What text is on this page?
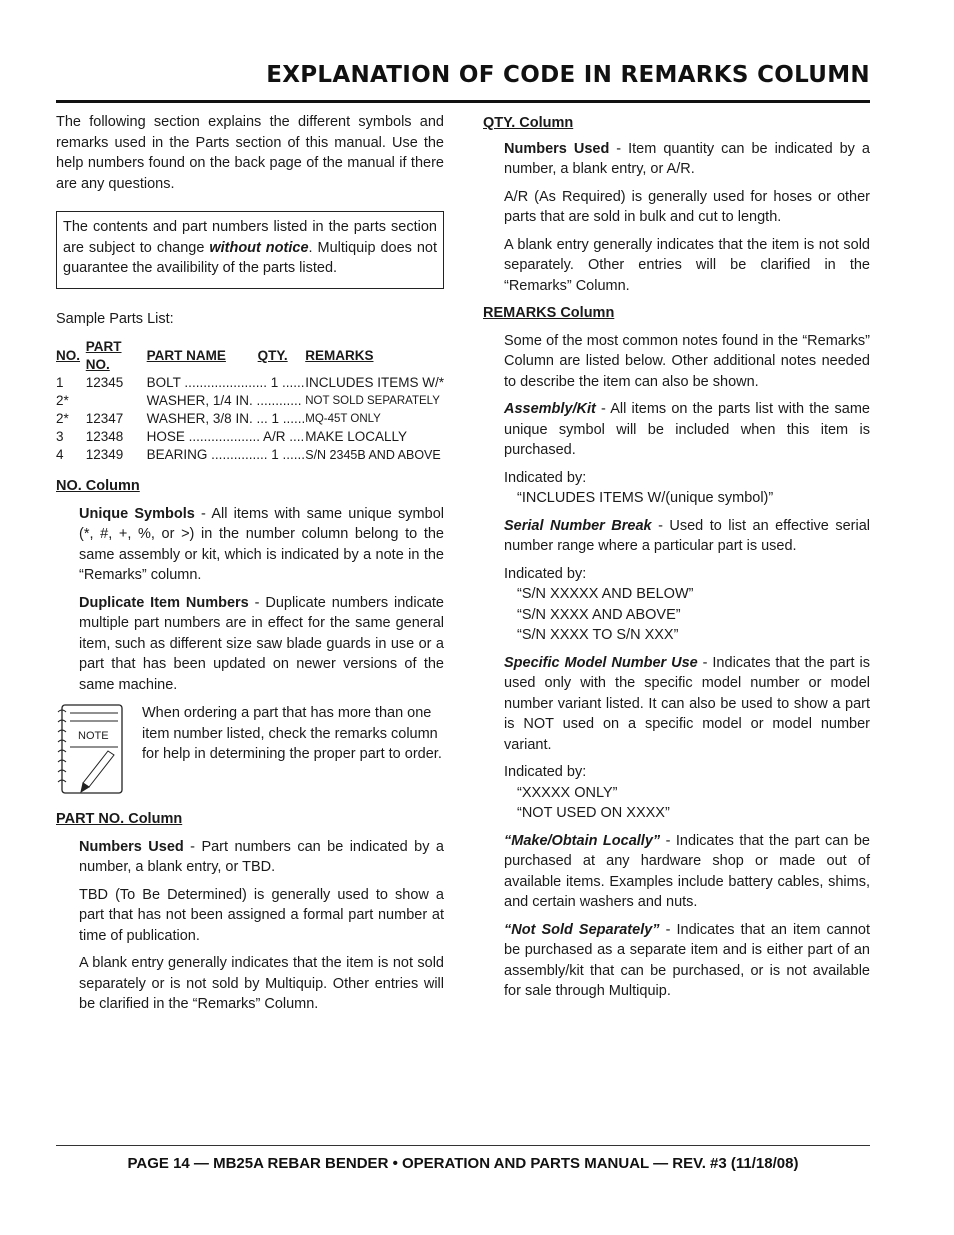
EXPLANATION OF CODE IN REMARKS COLUMN

The following section explains the different symbols and remarks used in the Parts section of this manual. Use the help numbers found on the back page of the manual if there are any questions.

The contents and part numbers listed in the parts section are subject to change without notice. Multiquip does not guarantee the availibility of the parts listed.

Sample Parts List:

NO.	PART NO.	PART NAME	QTY.	REMARKS
1	12345	BOLT ...................... 1 ......		INCLUDES ITEMS W/*
2*		WASHER, 1/4 IN. ............		NOT SOLD SEPARATELY
2*	12347	WASHER, 3/8 IN. ... 1 ......		MQ-45T ONLY
3	12348	HOSE ................... A/R ....		MAKE LOCALLY
4	12349	BEARING ............... 1 ......		S/N 2345B AND ABOVE

NO. Column

Unique Symbols - All items with same unique symbol (*, #, +, %, or >) in the number column belong to the same assembly or kit, which is indicated by a note in the “Remarks” column.

Duplicate Item Numbers - Duplicate numbers indicate multiple part numbers are in effect for the same general item, such as different size saw blade guards in use or a part that has been updated on newer versions of the same machine.

NOTE
When ordering a part that has more than one item number listed, check the remarks column for help in determining the proper part to order.

PART NO. Column

Numbers Used - Part numbers can be indicated by a number, a blank entry, or TBD.

TBD (To Be Determined) is generally used to show a part that has not been assigned a formal part number at time of publication.

A blank entry generally indicates that the item is not sold separately or is not sold by Multiquip. Other entries will be clarified in the “Remarks” Column.

QTY. Column

Numbers Used - Item quantity can be indicated by a number, a blank entry, or A/R.

A/R (As Required) is generally used for hoses or other parts that are sold in bulk and cut to length.

A blank entry generally indicates that the item is not sold separately. Other entries will be clarified in the “Remarks” Column.

REMARKS Column

Some of the most common notes found in the “Remarks” Column are listed below. Other additional notes needed to describe the item can also be shown.

Assembly/Kit - All items on the parts list with the same unique symbol will be included when this item is purchased.

Indicated by:

“INCLUDES ITEMS W/(unique symbol)”

Serial Number Break - Used to list an effective serial number range where a particular part is used.

Indicated by:

“S/N XXXXX AND BELOW”

“S/N XXXX AND ABOVE”

“S/N XXXX TO S/N XXX”

Specific Model Number Use - Indicates that the part is used only with the specific model number or model number variant listed. It can also be used to show a part is NOT used on a specific model or model number variant.

Indicated by:

“XXXXX ONLY”

“NOT USED ON XXXX”

“Make/Obtain Locally” - Indicates that the part can be purchased at any hardware shop or made out of available items. Examples include battery cables, shims, and certain washers and nuts.

“Not Sold Separately” - Indicates that an item cannot be purchased as a separate item and is either part of an assembly/kit that can be purchased, or is not available for sale through Multiquip.

PAGE 14 — MB25A REBAR BENDER • OPERATION AND PARTS MANUAL — REV. #3 (11/18/08)
